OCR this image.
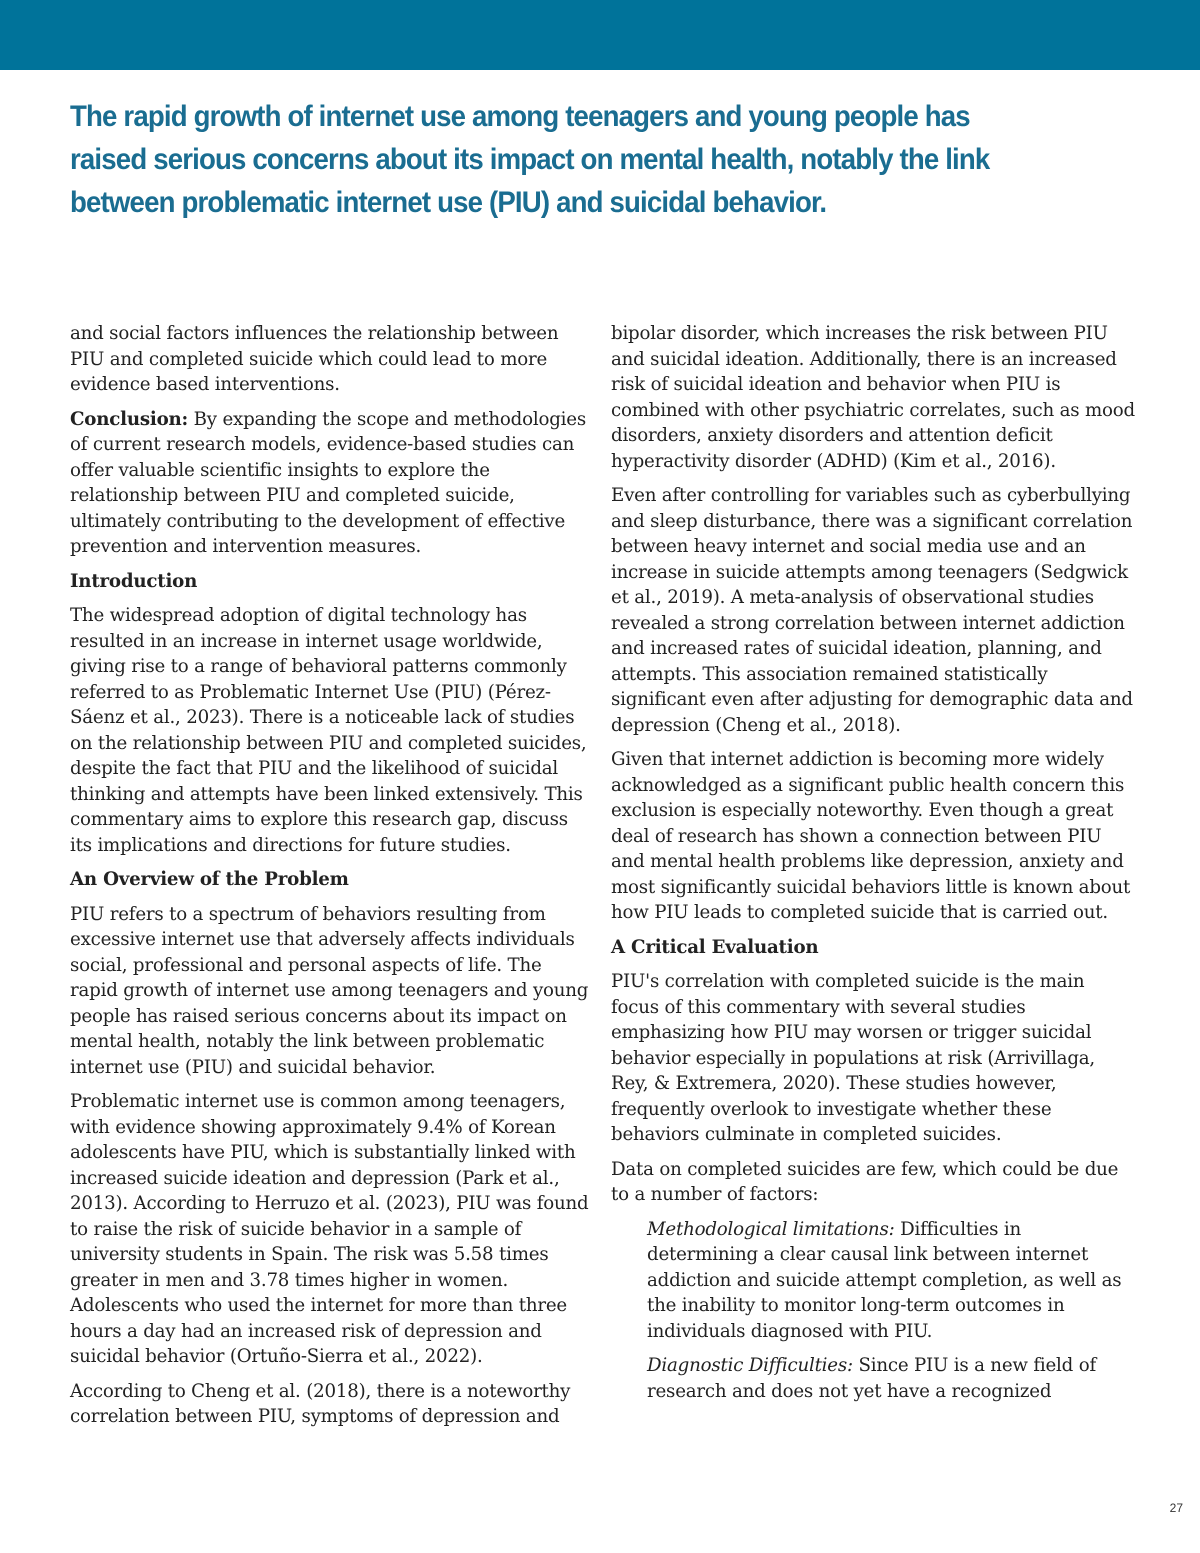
The rapid growth of internet use among teenagers and young people has raised serious concerns about its impact on mental health, notably the link between problematic internet use (PIU) and suicidal behavior.

and social factors influences the relationship between PIU and completed suicide which could lead to more evidence based interventions.

Conclusion: By expanding the scope and methodologies of current research models, evidence-based studies can offer valuable scientific insights to explore the relationship between PIU and completed suicide, ultimately contributing to the development of effective prevention and intervention measures.

Introduction

The widespread adoption of digital technology has resulted in an increase in internet usage worldwide, giving rise to a range of behavioral patterns commonly referred to as Problematic Internet Use (PIU) (Pérez-Sáenz et al., 2023). There is a noticeable lack of studies on the relationship between PIU and completed suicides, despite the fact that PIU and the likelihood of suicidal thinking and attempts have been linked extensively. This commentary aims to explore this research gap, discuss its implications and directions for future studies.

An Overview of the Problem

PIU refers to a spectrum of behaviors resulting from excessive internet use that adversely affects individuals social, professional and personal aspects of life. The rapid growth of internet use among teenagers and young people has raised serious concerns about its impact on mental health, notably the link between problematic internet use (PIU) and suicidal behavior.

Problematic internet use is common among teenagers, with evidence showing approximately 9.4% of Korean adolescents have PIU, which is substantially linked with increased suicide ideation and depression (Park et al., 2013). According to Herruzo et al. (2023), PIU was found to raise the risk of suicide behavior in a sample of university students in Spain. The risk was 5.58 times greater in men and 3.78 times higher in women. Adolescents who used the internet for more than three hours a day had an increased risk of depression and suicidal behavior (Ortuño-Sierra et al., 2022).

According to Cheng et al. (2018), there is a noteworthy correlation between PIU, symptoms of depression and

bipolar disorder, which increases the risk between PIU and suicidal ideation. Additionally, there is an increased risk of suicidal ideation and behavior when PIU is combined with other psychiatric correlates, such as mood disorders, anxiety disorders and attention deficit hyperactivity disorder (ADHD) (Kim et al., 2016).

Even after controlling for variables such as cyberbullying and sleep disturbance, there was a significant correlation between heavy internet and social media use and an increase in suicide attempts among teenagers (Sedgwick et al., 2019). A meta-analysis of observational studies revealed a strong correlation between internet addiction and increased rates of suicidal ideation, planning, and attempts. This association remained statistically significant even after adjusting for demographic data and depression (Cheng et al., 2018).

Given that internet addiction is becoming more widely acknowledged as a significant public health concern this exclusion is especially noteworthy. Even though a great deal of research has shown a connection between PIU and mental health problems like depression, anxiety and most significantly suicidal behaviors little is known about how PIU leads to completed suicide that is carried out.

A Critical Evaluation

PIU's correlation with completed suicide is the main focus of this commentary with several studies emphasizing how PIU may worsen or trigger suicidal behavior especially in populations at risk (Arrivillaga, Rey, & Extremera, 2020). These studies however, frequently overlook to investigate whether these behaviors culminate in completed suicides.

Data on completed suicides are few, which could be due to a number of factors:

Methodological limitations: Difficulties in determining a clear causal link between internet addiction and suicide attempt completion, as well as the inability to monitor long-term outcomes in individuals diagnosed with PIU.

Diagnostic Difficulties: Since PIU is a new field of research and does not yet have a recognized

27
